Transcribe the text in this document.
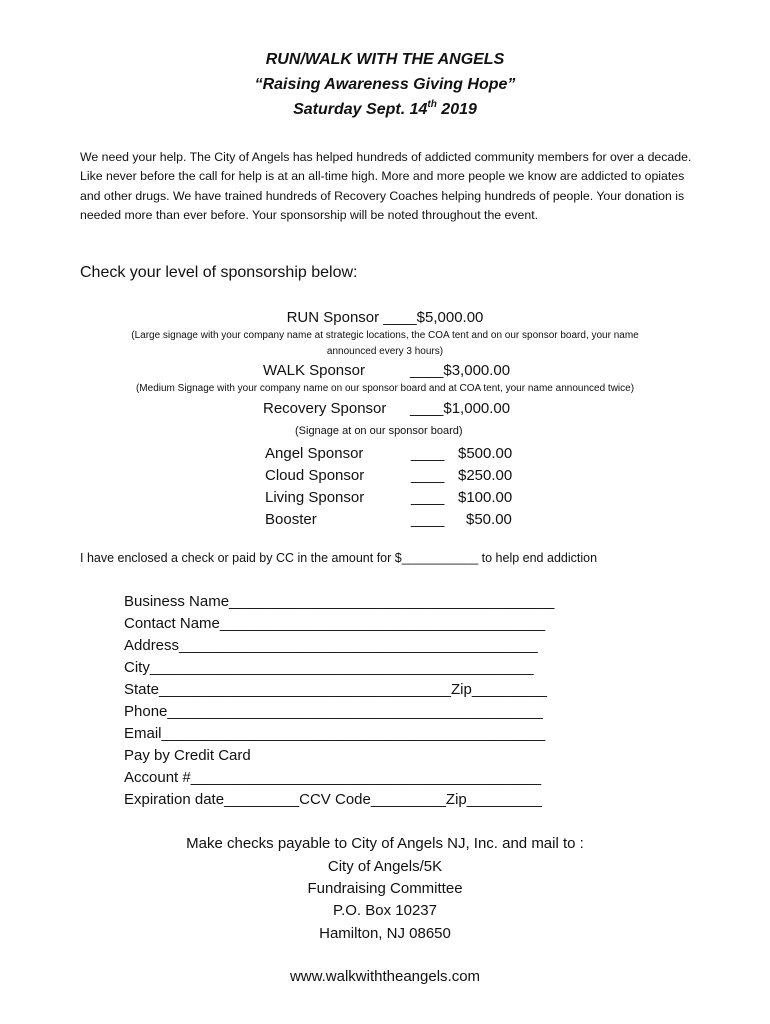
RUN/WALK WITH THE ANGELS
“Raising Awareness Giving Hope”
Saturday Sept. 14th 2019
We need your help. The City of Angels has helped hundreds of addicted community members for over a decade. Like never before the call for help is at an all-time high. More and more people we know are addicted to opiates and other drugs. We have trained hundreds of Recovery Coaches helping hundreds of people. Your donation is needed more than ever before. Your sponsorship will be noted throughout the event.
Check your level of sponsorship below:
RUN Sponsor ____$5,000.00
(Large signage with your company name at strategic locations, the COA tent and on our sponsor board, your name
announced every 3 hours)
WALK Sponsor	____$3,000.00
(Medium Signage with your company name on our sponsor board and at COA tent, your name announced twice)
Recovery Sponsor ____$1,000.00
(Signage at on our sponsor board)
Angel Sponsor	____ $500.00
Cloud Sponsor	____ $250.00
Living Sponsor	____ $100.00
Booster	____ $50.00
I have enclosed a check or paid by CC in the amount for $___________ to help end addiction
Business Name_______________________________________
Contact Name_______________________________________
Address___________________________________________
City______________________________________________
State___________________________________Zip_________
Phone_____________________________________________
Email______________________________________________
Pay by Credit Card
Account #__________________________________________
Expiration date_________CCV Code_________Zip_________
Make checks payable to City of Angels NJ, Inc. and mail to :
City of Angels/5K
Fundraising Committee
P.O. Box 10237
Hamilton, NJ 08650
www.walkwiththeangels.com
